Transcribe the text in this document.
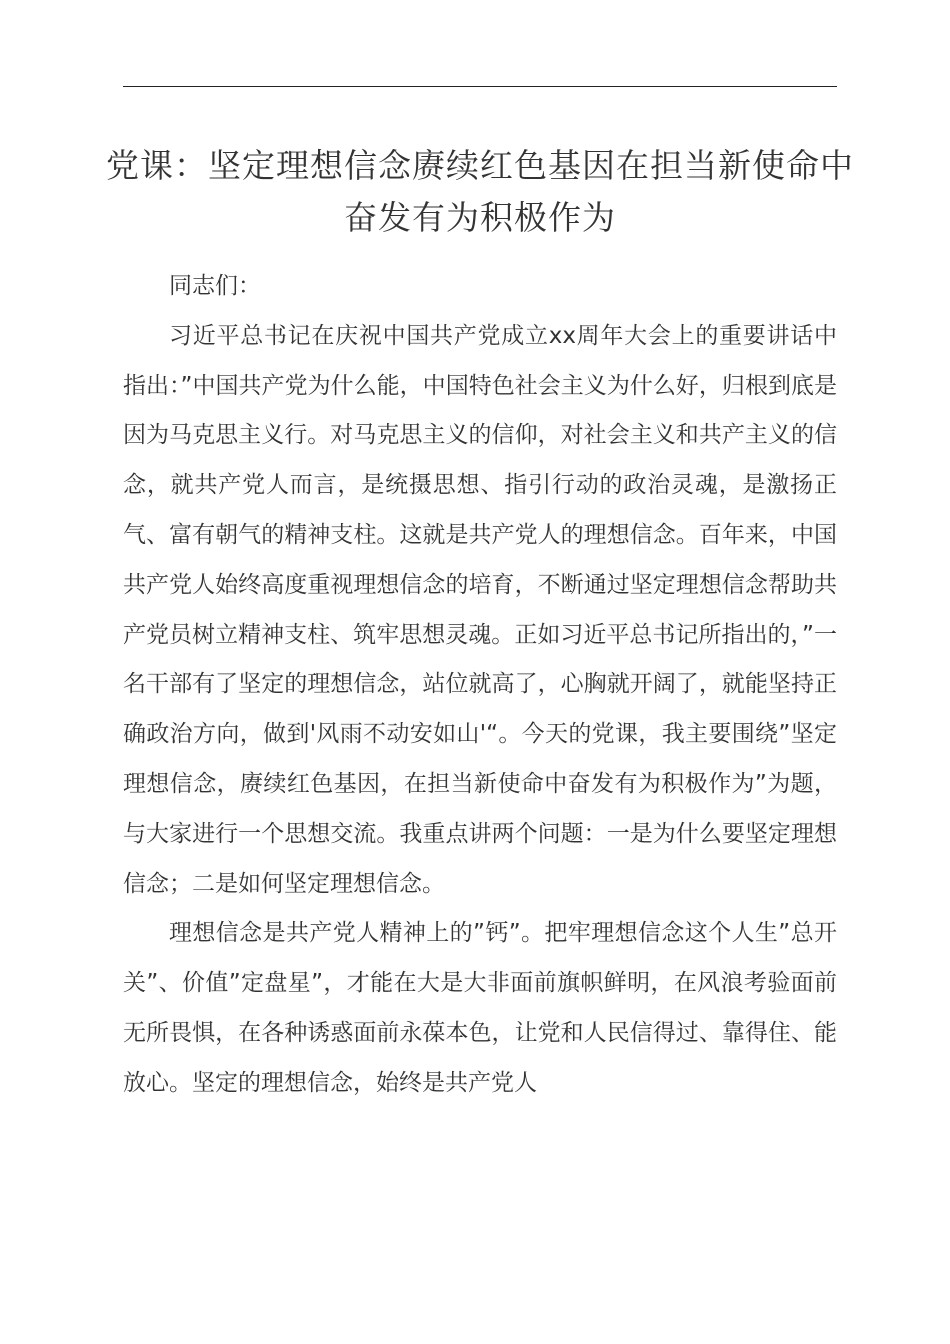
党课：坚定理想信念赓续红色基因在担当新使命中奋发有为积极作为

同志们：

习近平总书记在庆祝中国共产党成立xx周年大会上的重要讲话中指出：”中国共产党为什么能，中国特色社会主义为什么好，归根到底是因为马克思主义行。对马克思主义的信仰，对社会主义和共产主义的信念，就共产党人而言，是统摄思想、指引行动的政治灵魂，是激扬正气、富有朝气的精神支柱。这就是共产党人的理想信念。百年来，中国共产党人始终高度重视理想信念的培育，不断通过坚定理想信念帮助共产党员树立精神支柱、筑牢思想灵魂。正如习近平总书记所指出的，”一名干部有了坚定的理想信念，站位就高了，心胸就开阔了，就能坚持正确政治方向，做到'风雨不动安如山'“。今天的党课，我主要围绕”坚定理想信念，赓续红色基因，在担当新使命中奋发有为积极作为”为题，与大家进行一个思想交流。我重点讲两个问题：一是为什么要坚定理想信念；二是如何坚定理想信念。

理想信念是共产党人精神上的”钙”。把牢理想信念这个人生”总开关”、价值”定盘星”，才能在大是大非面前旗帜鲜明，在风浪考验面前无所畏惧，在各种诱惑面前永葆本色，让党和人民信得过、靠得住、能放心。坚定的理想信念，始终是共产党人
